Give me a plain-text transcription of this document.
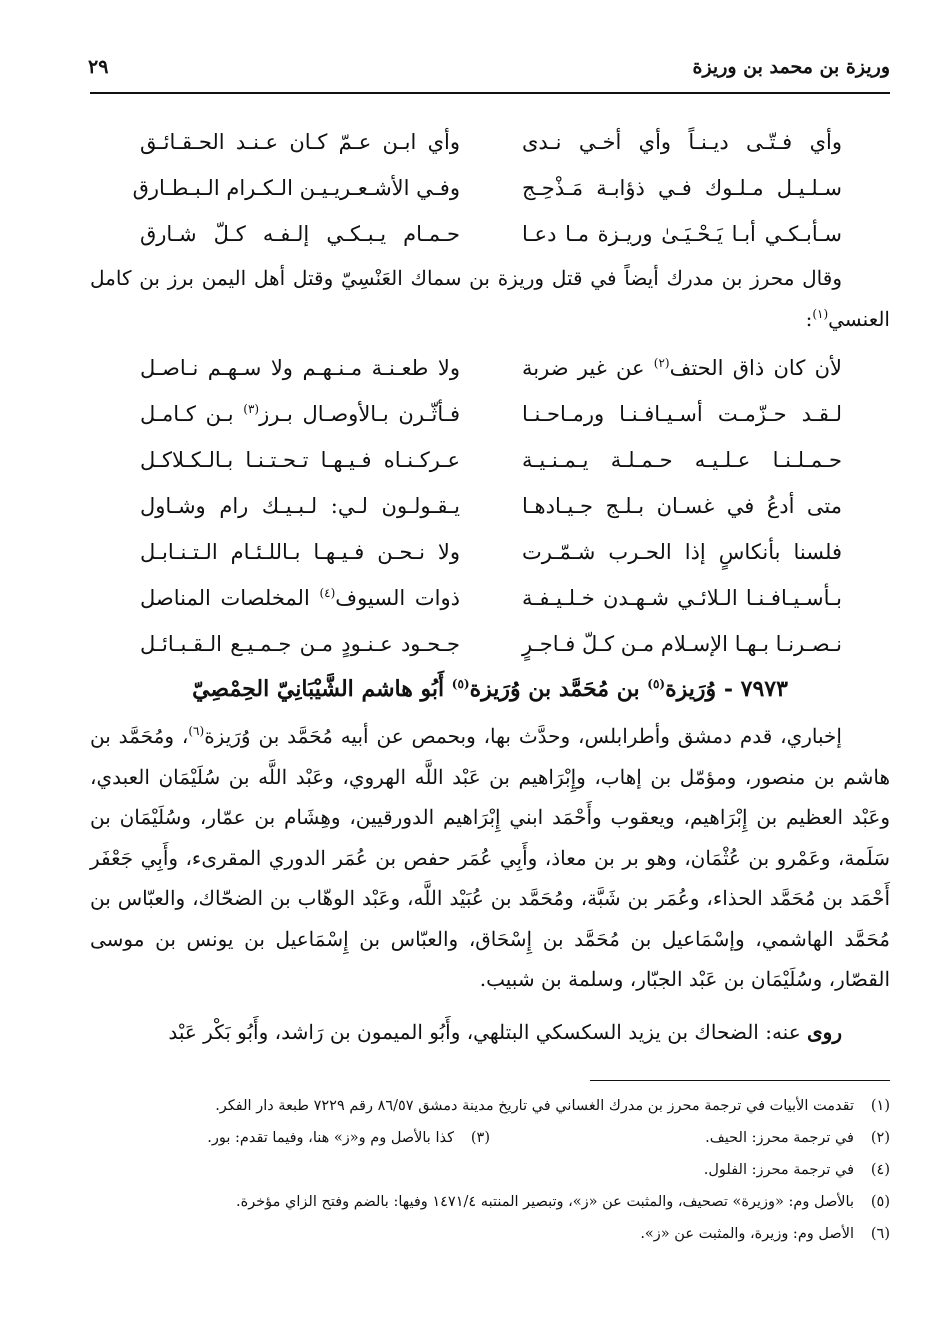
وريزة بن محمد بن وريزة
٢٩
وأي فـتّـى ديـنـاً وأي أخـي نـدى
وأي ابـن عـمّ كـان عـنـد الحـقـائـق
سـلـيـل مـلـوك فـي ذؤابـة مَـذْحِـج
وفـي الأشـعـريـيـن الـكـرام الـبـطـارق
سـأبـكـي أبـا يَـحْـيَـىٰ وريـزة مـا دعـا
حـمـام يـبـكـي إلـفـه كـلّ شـارق
وقال محرز بن مدرك أيضاً في قتل وريزة بن سماك العَنْسِيّ وقتل أهل اليمن برز بن كامل العنسي$^{(١)}$:
لأن كان ذاق الحتف$^{(٢)}$ عن غير ضربة
ولا طعـنـة مـنـهـم ولا سـهـم نـاصـل
لـقـد حـزّمـت أسـيـافـنـا ورمـاحـنـا
فـأثّـرن بـالأوصـال بـرز$^{(٣)}$ بـن كـامـل
حـمـلـنـا عـلـيـه حـمـلـة يـمـنـيـة
عـركـنـاه فـيـهـا تـحـتـنـا بـالـكـلاكـل
متى أدعُ في غسـان بـلـج جـيـادهـا
يـقـولـون لـي: لـبـيـك رام وشـاول
فلسنا بأنكاسٍ إذا الحـرب شـمّـرت
ولا نـحـن فـيـهـا بـاللـئـام الـتـنـابـل
بـأسـيـافـنـا الـلائـي شـهـدن خـلـيـفـة
ذوات السيوف$^{(٤)}$ المخلصات المناصل
نـصـرنـا بـهـا الإسـلام مـن كـلّ فـاجـرٍ
جـحـود عـنـودٍ مـن جـمـيـع الـقـبـائـل
٧٩٧٣ - وُرَيزة$^{(٥)}$ بن مُحَمَّد بن وُرَيزة$^{(٥)}$ أَبُو هاشم الشَّيْبَانِيّ الحِمْصِيّ
إخباري، قدم دمشق وأطرابلس، وحدَّث بها، وبحمص عن أبيه مُحَمَّد بن وُرَيزة$^{(٦)}$، ومُحَمَّد بن هاشم بن منصور، ومؤمّل بن إهاب، وإِبْرَاهيم بن عَبْد اللَّه الهروي، وعَبْد اللَّه بن سُلَيْمَان العبدي، وعَبْد العظيم بن إِبْرَاهيم، ويعقوب وأَحْمَد ابني إِبْرَاهيم الدورقيين، وهِشَام بن عمّار، وسُلَيْمَان بن سَلَمة، وعَمْرو بن عُثْمَان، وهو بر بن معاذ، وأَبِي عُمَر حفص بن عُمَر الدوري المقرىء، وأَبِي جَعْفَر أَحْمَد بن مُحَمَّد الحذاء، وعُمَر بن شَبَّة، ومُحَمَّد بن عُبَيْد اللَّه، وعَبْد الوهّاب بن الضحّاك، والعبّاس بن مُحَمَّد الهاشمي، وإسْمَاعيل بن مُحَمَّد بن إِسْحَاق، والعبّاس بن إِسْمَاعيل بن يونس بن موسى القصّار، وسُلَيْمَان بن عَبْد الجبّار، وسلمة بن شبيب.
روى عنه: الضحاك بن يزيد السكسكي البتلهي، وأَبُو الميمون بن رَاشد، وأَبُو بَكْر عَبْد
(١)تقدمت الأبيات في ترجمة محرز بن مدرك الغساني في تاريخ مدينة دمشق ٨٦/٥٧ رقم ٧٢٢٩ طبعة دار الفكر.
(٢)في ترجمة محرز: الحيف.
(٣)كذا بالأصل وم و«ز» هنا، وفيما تقدم: بور.
(٤)في ترجمة محرز: الفلول.
(٥)بالأصل وم: «وزيرة» تصحيف، والمثبت عن «ز»، وتبصير المنتبه ١٤٧١/٤ وفيها: بالضم وفتح الزاي مؤخرة.
(٦)الأصل وم: وزيرة، والمثبت عن «ز».
